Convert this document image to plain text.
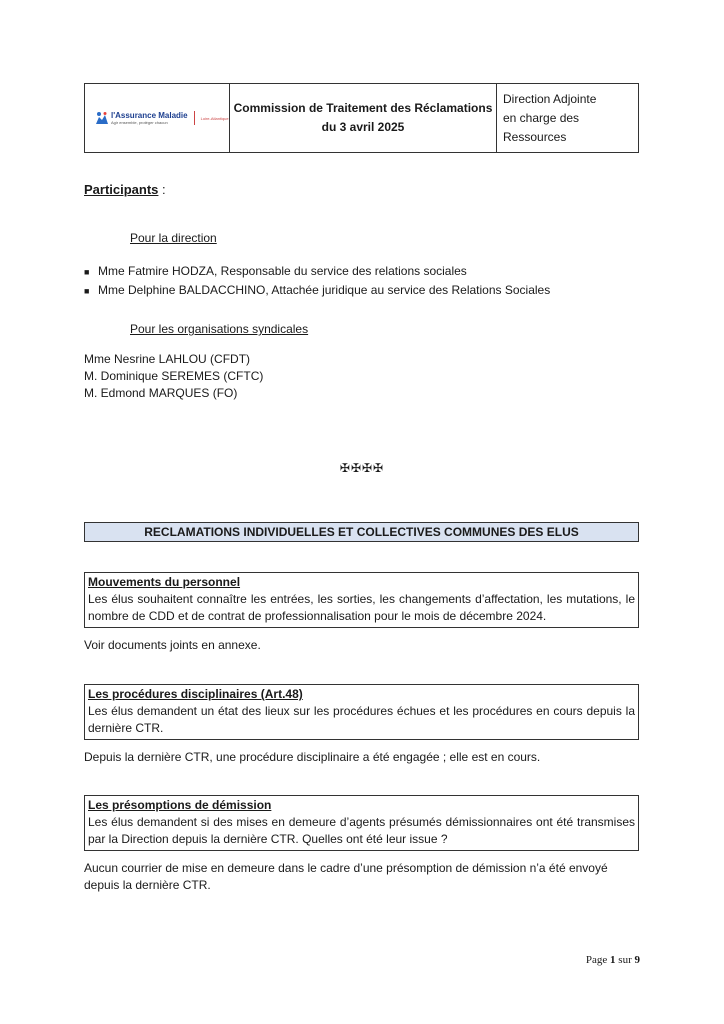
l'Assurance Maladie
Agir ensemble, protéger chacun
Loire-Atlantique
Commission de Traitement des Réclamations
du 3 avril 2025
Direction Adjointe
en charge des Ressources
Participants :
Pour la direction
■ Mme Fatmire HODZA, Responsable du service des relations sociales
■ Mme Delphine BALDACCHINO, Attachée juridique au service des Relations Sociales
Pour les organisations syndicales
Mme Nesrine LAHLOU (CFDT)
M. Dominique SEREMES (CFTC)
M. Edmond MARQUES (FO)
✠✠✠✠
RECLAMATIONS INDIVIDUELLES ET COLLECTIVES COMMUNES DES ELUS
Mouvements du personnel
Les élus souhaitent connaître les entrées, les sorties, les changements d’affectation, les mutations, le nombre de CDD et de contrat de professionnalisation pour le mois de décembre 2024.
Voir documents joints en annexe.
Les procédures disciplinaires (Art.48)
Les élus demandent un état des lieux sur les procédures échues et les procédures en cours depuis la dernière CTR.
Depuis la dernière CTR, une procédure disciplinaire a été engagée ; elle est en cours.
Les présomptions de démission
Les élus demandent si des mises en demeure d’agents présumés démissionnaires ont été transmises par la Direction depuis la dernière CTR. Quelles ont été leur issue ?
Aucun courrier de mise en demeure dans le cadre d’une présomption de démission n’a été envoyé depuis la dernière CTR.
Page 1 sur 9
